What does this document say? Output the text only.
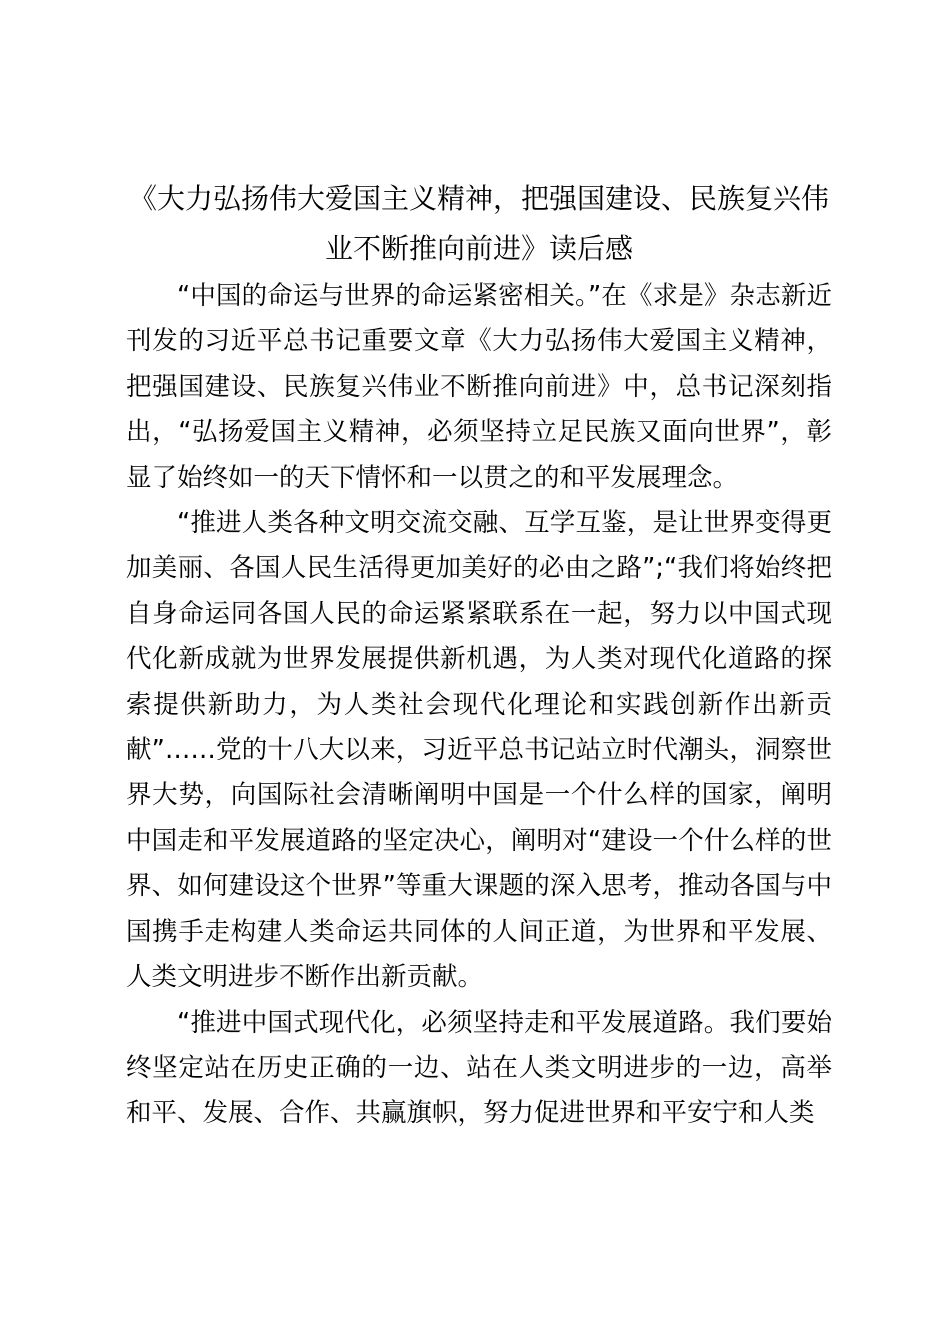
《大力弘扬伟大爱国主义精神，把强国建设、民族复兴伟业不断推向前进》读后感

“中国的命运与世界的命运紧密相关。”在《求是》杂志新近刊发的习近平总书记重要文章《大力弘扬伟大爱国主义精神，把强国建设、民族复兴伟业不断推向前进》中，总书记深刻指出，“弘扬爱国主义精神，必须坚持立足民族又面向世界”，彰显了始终如一的天下情怀和一以贯之的和平发展理念。

“推进人类各种文明交流交融、互学互鉴，是让世界变得更加美丽、各国人民生活得更加美好的必由之路”;“我们将始终把自身命运同各国人民的命运紧紧联系在一起，努力以中国式现代化新成就为世界发展提供新机遇，为人类对现代化道路的探索提供新助力，为人类社会现代化理论和实践创新作出新贡献”……党的十八大以来，习近平总书记站立时代潮头，洞察世界大势，向国际社会清晰阐明中国是一个什么样的国家，阐明中国走和平发展道路的坚定决心，阐明对“建设一个什么样的世界、如何建设这个世界”等重大课题的深入思考，推动各国与中国携手走构建人类命运共同体的人间正道，为世界和平发展、人类文明进步不断作出新贡献。

“推进中国式现代化，必须坚持走和平发展道路。我们要始终坚定站在历史正确的一边、站在人类文明进步的一边，高举和平、发展、合作、共赢旗帜，努力促进世界和平安宁和人类
